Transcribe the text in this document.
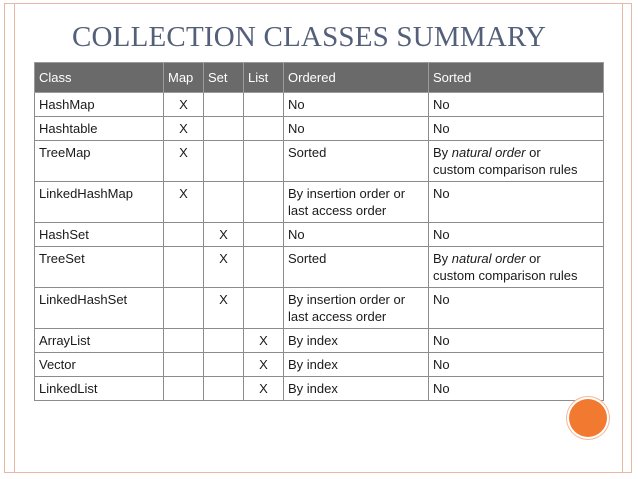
COLLECTION CLASSES SUMMARY
Class	Map	Set	List	Ordered	Sorted
HashMap	X			No	No

Hashtable	X			No	No

TreeMap	X			Sorted	By natural order or
custom comparison rules

LinkedHashMap	X			By insertion order or
last access order	No

HashSet		X		No	No

TreeSet		X		Sorted	By natural order or
custom comparison rules

LinkedHashSet		X		By insertion order or
last access order	No

ArrayList			X	By index	No

Vector			X	By index	No

LinkedList			X	By index	No
